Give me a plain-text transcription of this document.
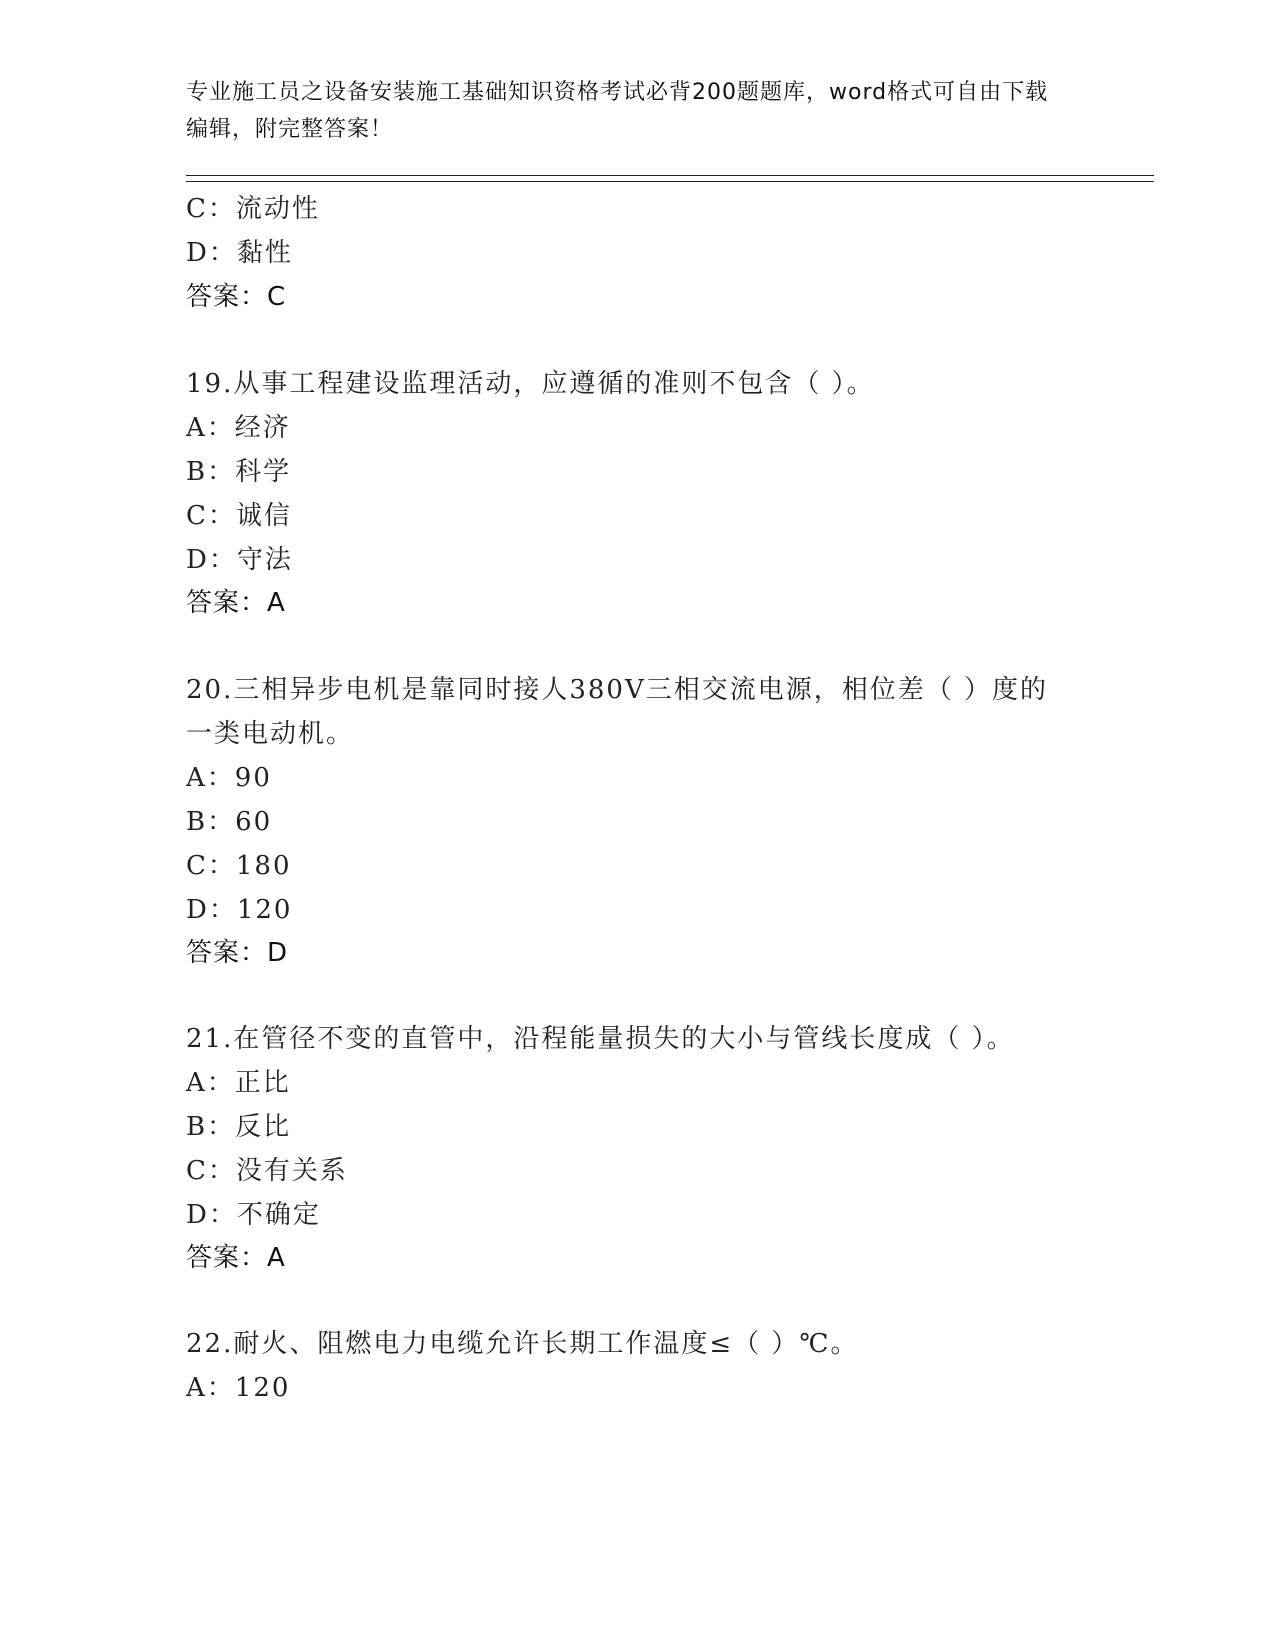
专业施工员之设备安装施工基础知识资格考试必背200题题库，word格式可自由下载编辑，附完整答案！
C：流动性
D：黏性
答案：C
19.从事工程建设监理活动，应遵循的准则不包含（ ）。
A：经济
B：科学
C：诚信
D：守法
答案：A
20.三相异步电机是靠同时接人380V三相交流电源，相位差（ ）度的
一类电动机。
A：90
B：60
C：180
D：120
答案：D
21.在管径不变的直管中，沿程能量损失的大小与管线长度成（ ）。
A：正比
B：反比
C：没有关系
D：不确定
答案：A
22.耐火、阻燃电力电缆允许长期工作温度≤（ ）℃。
A：120
